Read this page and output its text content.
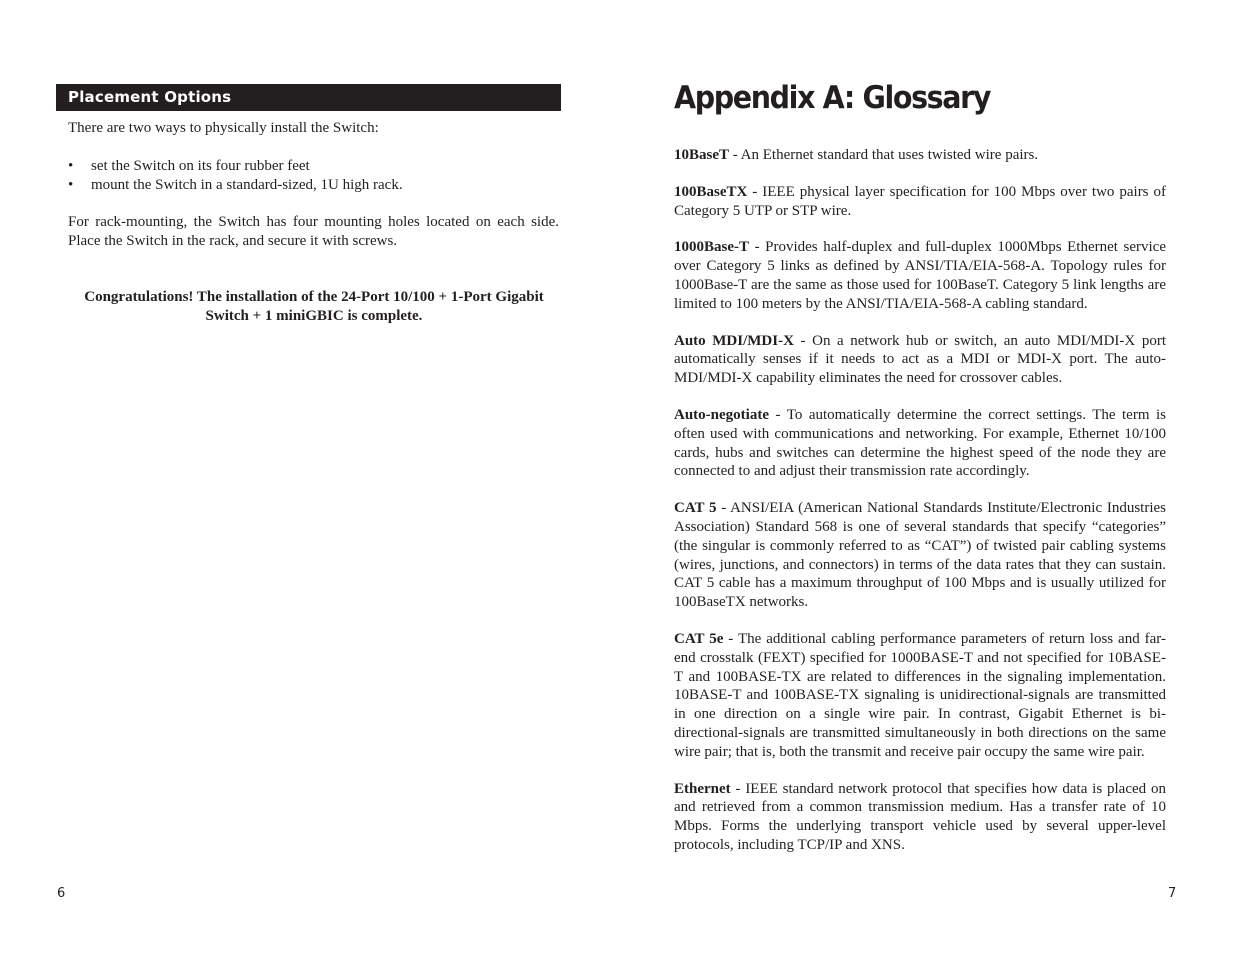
Placement Options
There are two ways to physically install the Switch:
• set the Switch on its four rubber feet
• mount the Switch in a standard-sized, 1U high rack.
For rack-mounting, the Switch has four mounting holes located on each side. Place the Switch in the rack, and secure it with screws.
Congratulations! The installation of the 24-Port 10/100 + 1-Port Gigabit
Switch + 1 miniGBIC is complete.
6
Appendix A: Glossary

10BaseT - An Ethernet standard that uses twisted wire pairs.

100BaseTX - IEEE physical layer specification for 100 Mbps over two pairs of Category 5 UTP or STP wire.

1000Base-T - Provides half-duplex and full-duplex 1000Mbps Ethernet service over Category 5 links as defined by ANSI/TIA/EIA-568-A. Topology rules for 1000Base-T are the same as those used for 100BaseT. Category 5 link lengths are limited to 100 meters by the ANSI/TIA/EIA-568-A cabling standard.

Auto MDI/MDI-X - On a network hub or switch, an auto MDI/MDI-X port automatically senses if it needs to act as a MDI or MDI-X port. The auto-MDI/MDI-X capability eliminates the need for crossover cables.

Auto-negotiate - To automatically determine the correct settings. The term is often used with communications and networking. For example, Ethernet 10/100 cards, hubs and switches can determine the highest speed of the node they are connected to and adjust their transmission rate accordingly.

CAT 5 - ANSI/EIA (American National Standards Institute/Electronic Industries Association) Standard 568 is one of several standards that specify “categories” (the singular is commonly referred to as “CAT”) of twisted pair cabling systems (wires, junctions, and connectors) in terms of the data rates that they can sustain. CAT 5 cable has a maximum throughput of 100 Mbps and is usually utilized for 100BaseTX networks.

CAT 5e - The additional cabling performance parameters of return loss and far-end crosstalk (FEXT) specified for 1000BASE-T and not specified for 10BASE-T and 100BASE-TX are related to differences in the signaling implementation. 10BASE-T and 100BASE-TX signaling is unidirectional-signals are transmitted in one direction on a single wire pair. In contrast, Gigabit Ethernet is bi-directional-signals are transmitted simultaneously in both directions on the same wire pair; that is, both the transmit and receive pair occupy the same wire pair.

Ethernet - IEEE standard network protocol that specifies how data is placed on and retrieved from a common transmission medium. Has a transfer rate of 10 Mbps. Forms the underlying transport vehicle used by several upper-level protocols, including TCP/IP and XNS.

7
